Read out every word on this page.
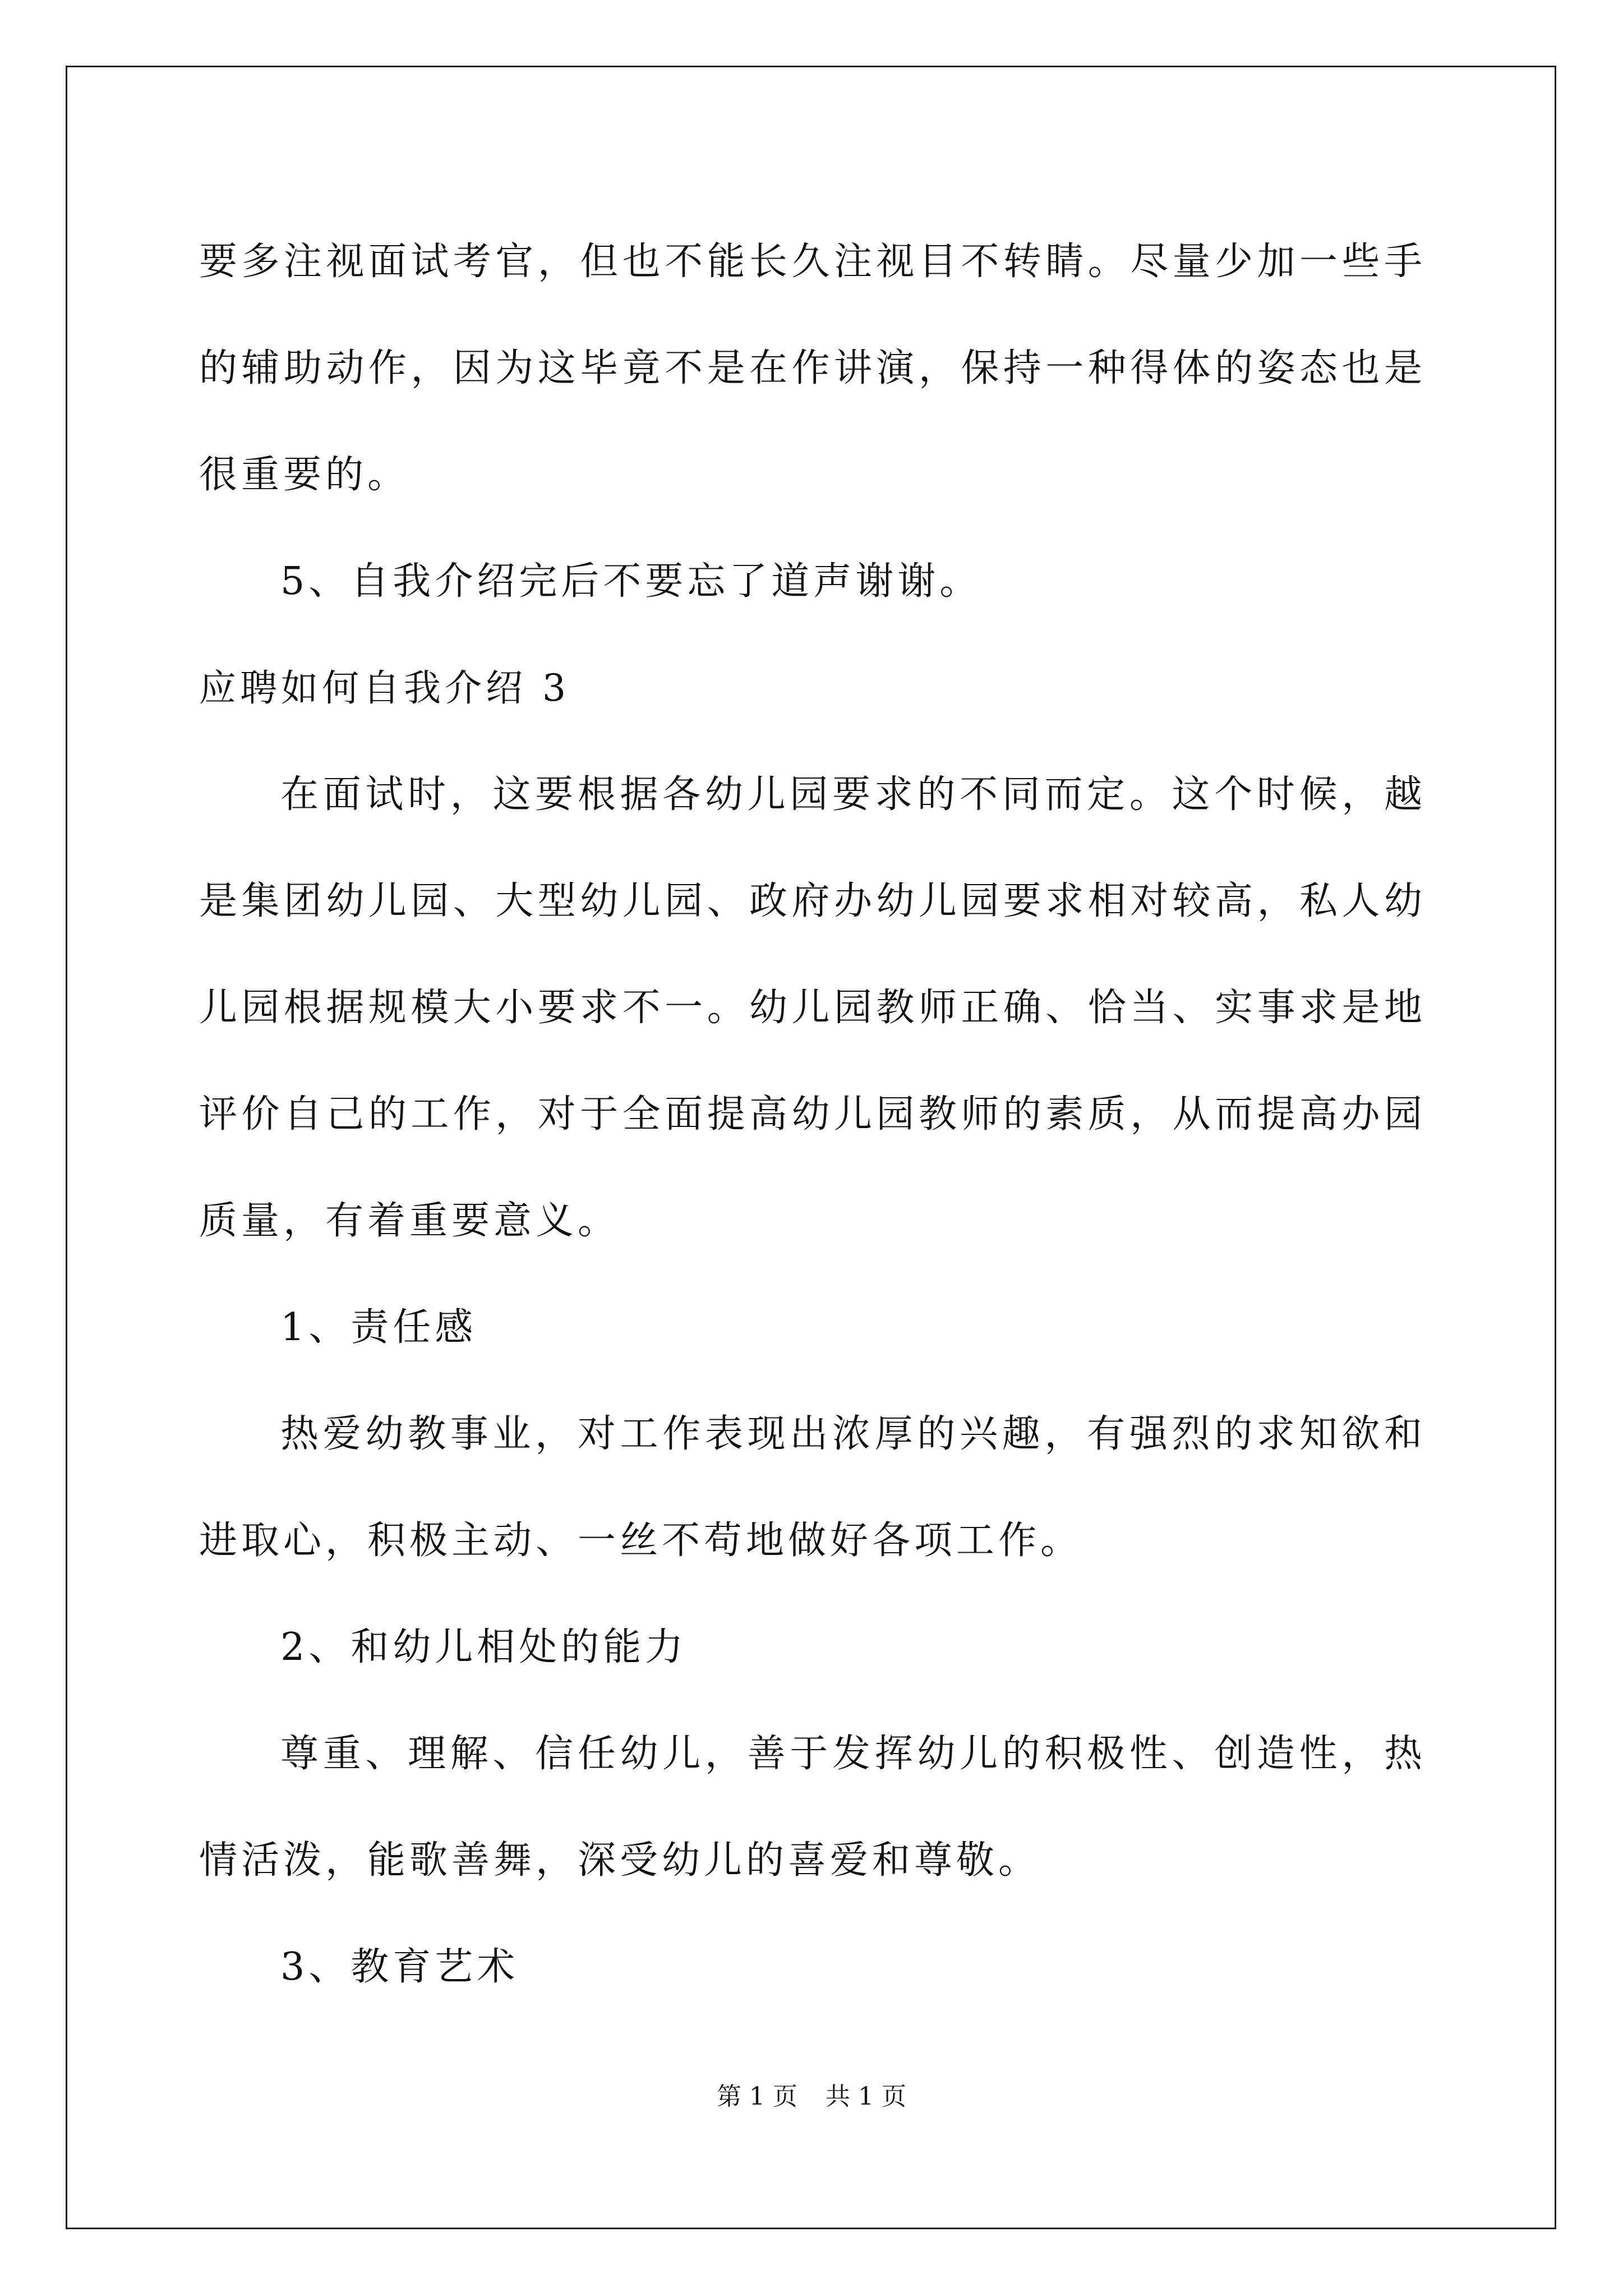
要多注视面试考官，但也不能长久注视目不转睛。尽量少加一些手的辅助动作，因为这毕竟不是在作讲演，保持一种得体的姿态也是很重要的。

5、自我介绍完后不要忘了道声谢谢。

应聘如何自我介绍 3

在面试时，这要根据各幼儿园要求的不同而定。这个时候，越是集团幼儿园、大型幼儿园、政府办幼儿园要求相对较高，私人幼儿园根据规模大小要求不一。幼儿园教师正确、恰当、实事求是地评价自己的工作，对于全面提高幼儿园教师的素质，从而提高办园质量，有着重要意义。

1、责任感

热爱幼教事业，对工作表现出浓厚的兴趣，有强烈的求知欲和进取心，积极主动、一丝不苟地做好各项工作。

2、和幼儿相处的能力

尊重、理解、信任幼儿，善于发挥幼儿的积极性、创造性，热情活泼，能歌善舞，深受幼儿的喜爱和尊敬。

3、教育艺术

第 1 页 共 1 页
